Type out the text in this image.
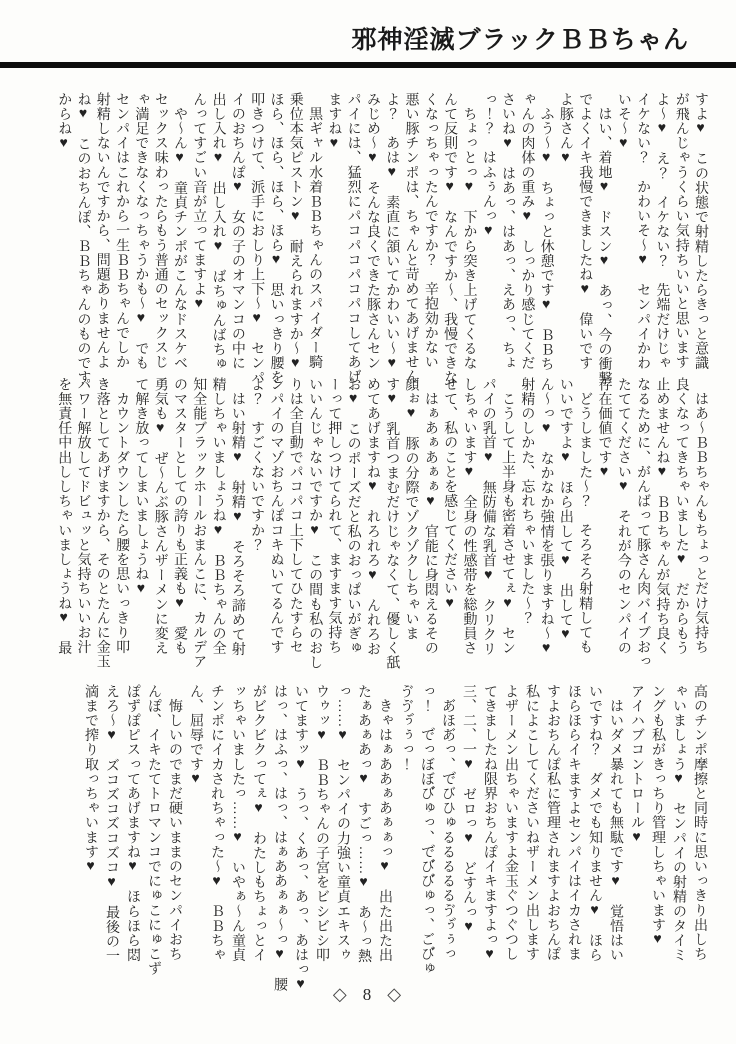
邪神淫滅ブラックＢＢちゃん
すよ♥　この状態で射精したらきっと意識
が飛んじゃうくらい気持ちいいと思います
よ～♥　え？　イケない？　先端だけじゃ
イケない？　かわいそ～♥　センパイかわ
いそ～♥
　はい、着地♥　ドスン♥　あっ、今の衝撃
でよくイキ我慢できましたね♥　偉いです
よ豚さん♥
　ふう～♥　ちょっと休憩です♥　ＢＢち
ゃんの肉体の重み♥　しっかり感じてくだ
さいね♥　はあっ、はあっ、えあっ、ちょ
っ！？　はふぅんっ♥
　ちょっとっ♥　下から突き上げてくるな
んて反則です♥　なんですか～、我慢できな
くなっちゃったんですか？　辛抱効かない
悪い豚チンポは、ちゃんと苛めてあげません
よ？　あは♥　素直に頷いてかわいい～♥
みじめ～♥　そんな良くできた豚さんセン
パイには、猛烈にパコパコパコパコしてあげ
ますね♥
　黒ギャル水着ＢＢちゃんのスパイダー騎
乗位本気ピストン♥　耐えられますか～♥
ほら、ほら、ほら、ほら♥　思いっきり腰を
叩きつけて、派手におしり上下～♥　センパ
イのおちんぽ♥　女の子のオマンコの中に
出し入れ♥　出し入れ♥　ばちゅんばちゅ
んってすごい音が立ってますよ♥
　や～ん♥　童貞チンポがこんなドスケベ
セックス味わったらもう普通のセックスじ
ゃ満足できなくなっちゃうかも～♥　でも
センパイはこれから一生ＢＢちゃんでしか
射精しないんですから、問題ありませんよ
ね♥　このおちんぽ、ＢＢちゃんのものです
からね♥
　はあ～ＢＢちゃんもちょっとだけ気持ち
良くなってきちゃいました♥　だからもう
止めませんね♥　ＢＢちゃんが気持ち良く
なるために、がんばって豚さん肉バイブおっ
たててください♥　それが今のセンパイの
存在価値です♥
　どうしました～？　そろそろ射精しても
いいですよ♥　ほら出して♥　出して♥
ん～っ♥　なかなか強情を張りますね～♥
射精のしかた、忘れちゃいました～？
　こうして上半身も密着させてぇ♥　セン
パイの乳首♥　無防備な乳首♥　クリクリ
しちゃいます♥　全身の性感帯を総動員さ
せて、私のことを感じてください♥
　はぁあぁあぁぁ♥　官能に身悶えるその
顔ぉ♥　豚の分際でゾクゾクしちゃいま
す♥　乳首つまむだけじゃなくて、優しく舐
めてあげますね♥　れろれろ♥　んれろお
お♥　このポーズだと私のおっぱいがぎゅ
ーって押しつけてられて、ますます気持ち
いいんじゃないですか♥　この間も私のおし
りは全自動でパコパコ上下してひたすらセ
ンパイのマゾおちんぽコキぬいてるんです
よ？　すごくないですか？
　はい射精♥　射精♥　そろそろ諦めて射
精しちゃいましょうね♥　ＢＢちゃんの全
知全能ブラックホールおまんこに、カルデア
のマスターとしての誇りも正義も♥　愛も
勇気も♥　ぜ～んぶ豚さんザーメンに変え
て解き放ってしまいましょうね♥
　カウントダウンしたら腰を思いっきり叩
き落としてあげますから、そのとたんに金玉
パワー解放してドビュッと気持ちいいお汁
を無責任中出ししちゃいましょうね♥　最
高のチンポ摩擦と同時に思いっきり出しち
ゃいましょう♥　センパイの射精のタイミ
ングも私がきっちり管理しちゃいます♥
アイハブコントロール♥
　はいダメ暴れても無駄です♥　覚悟はい
いですね？　ダメでも知りません♥　ほら
ほらほらイキますよセンパイはイカされま
すよおちんぽ私に管理されますよおちんぽ
私によこしてくださいねザーメン出します
よザーメン出ちゃいますよ金玉ぐつぐつし
てきましたね限界おちんぽイキますよっ♥
三、二、一♥　ゼロっ♥　どすんっ♥
　あ゙ほあ゙っ、で゙びひゅるるるるるゔぅ゙ぅっ
っ！　で゙っぼぼび゙ゅっ、で゙び゙び゙ゅっ、ごび゙ゅ
ゔゔぅ゙ぅっ！
　きゃはぁああぁあぁぁっ♥　出た出た出
たぁあぁあっ♥　すごっ……♥　あ～っ熱
っ……♥　センパイの力強い童貞エキスゥ
ウゥッ♥　ＢＢちゃんの子宮をビシビシ叩
いてますッ♥　うっ、くあっ、あっ、あはっ♥
はっ、はふっ、はっ、はぁああぁぁ～っ♥　腰
がビクビクってぇ♥　わたしもちょっとイ
ッちゃいましたっ……♥　いやぁ～ん童貞
チンポにイカされちゃった～♥　ＢＢちゃ
ん、屈辱です♥
　悔しいのでまだ硬いままのセンパイおち
んぽ、イキたてトロマンコでにゅこにゅこず
ぽずぽピスってあげますね♥　ほらほら悶
えろ～♥　ズコズコズコズコ♥　最後の一
滴まで搾り取っちゃいます♥
◇ 8 ◇
